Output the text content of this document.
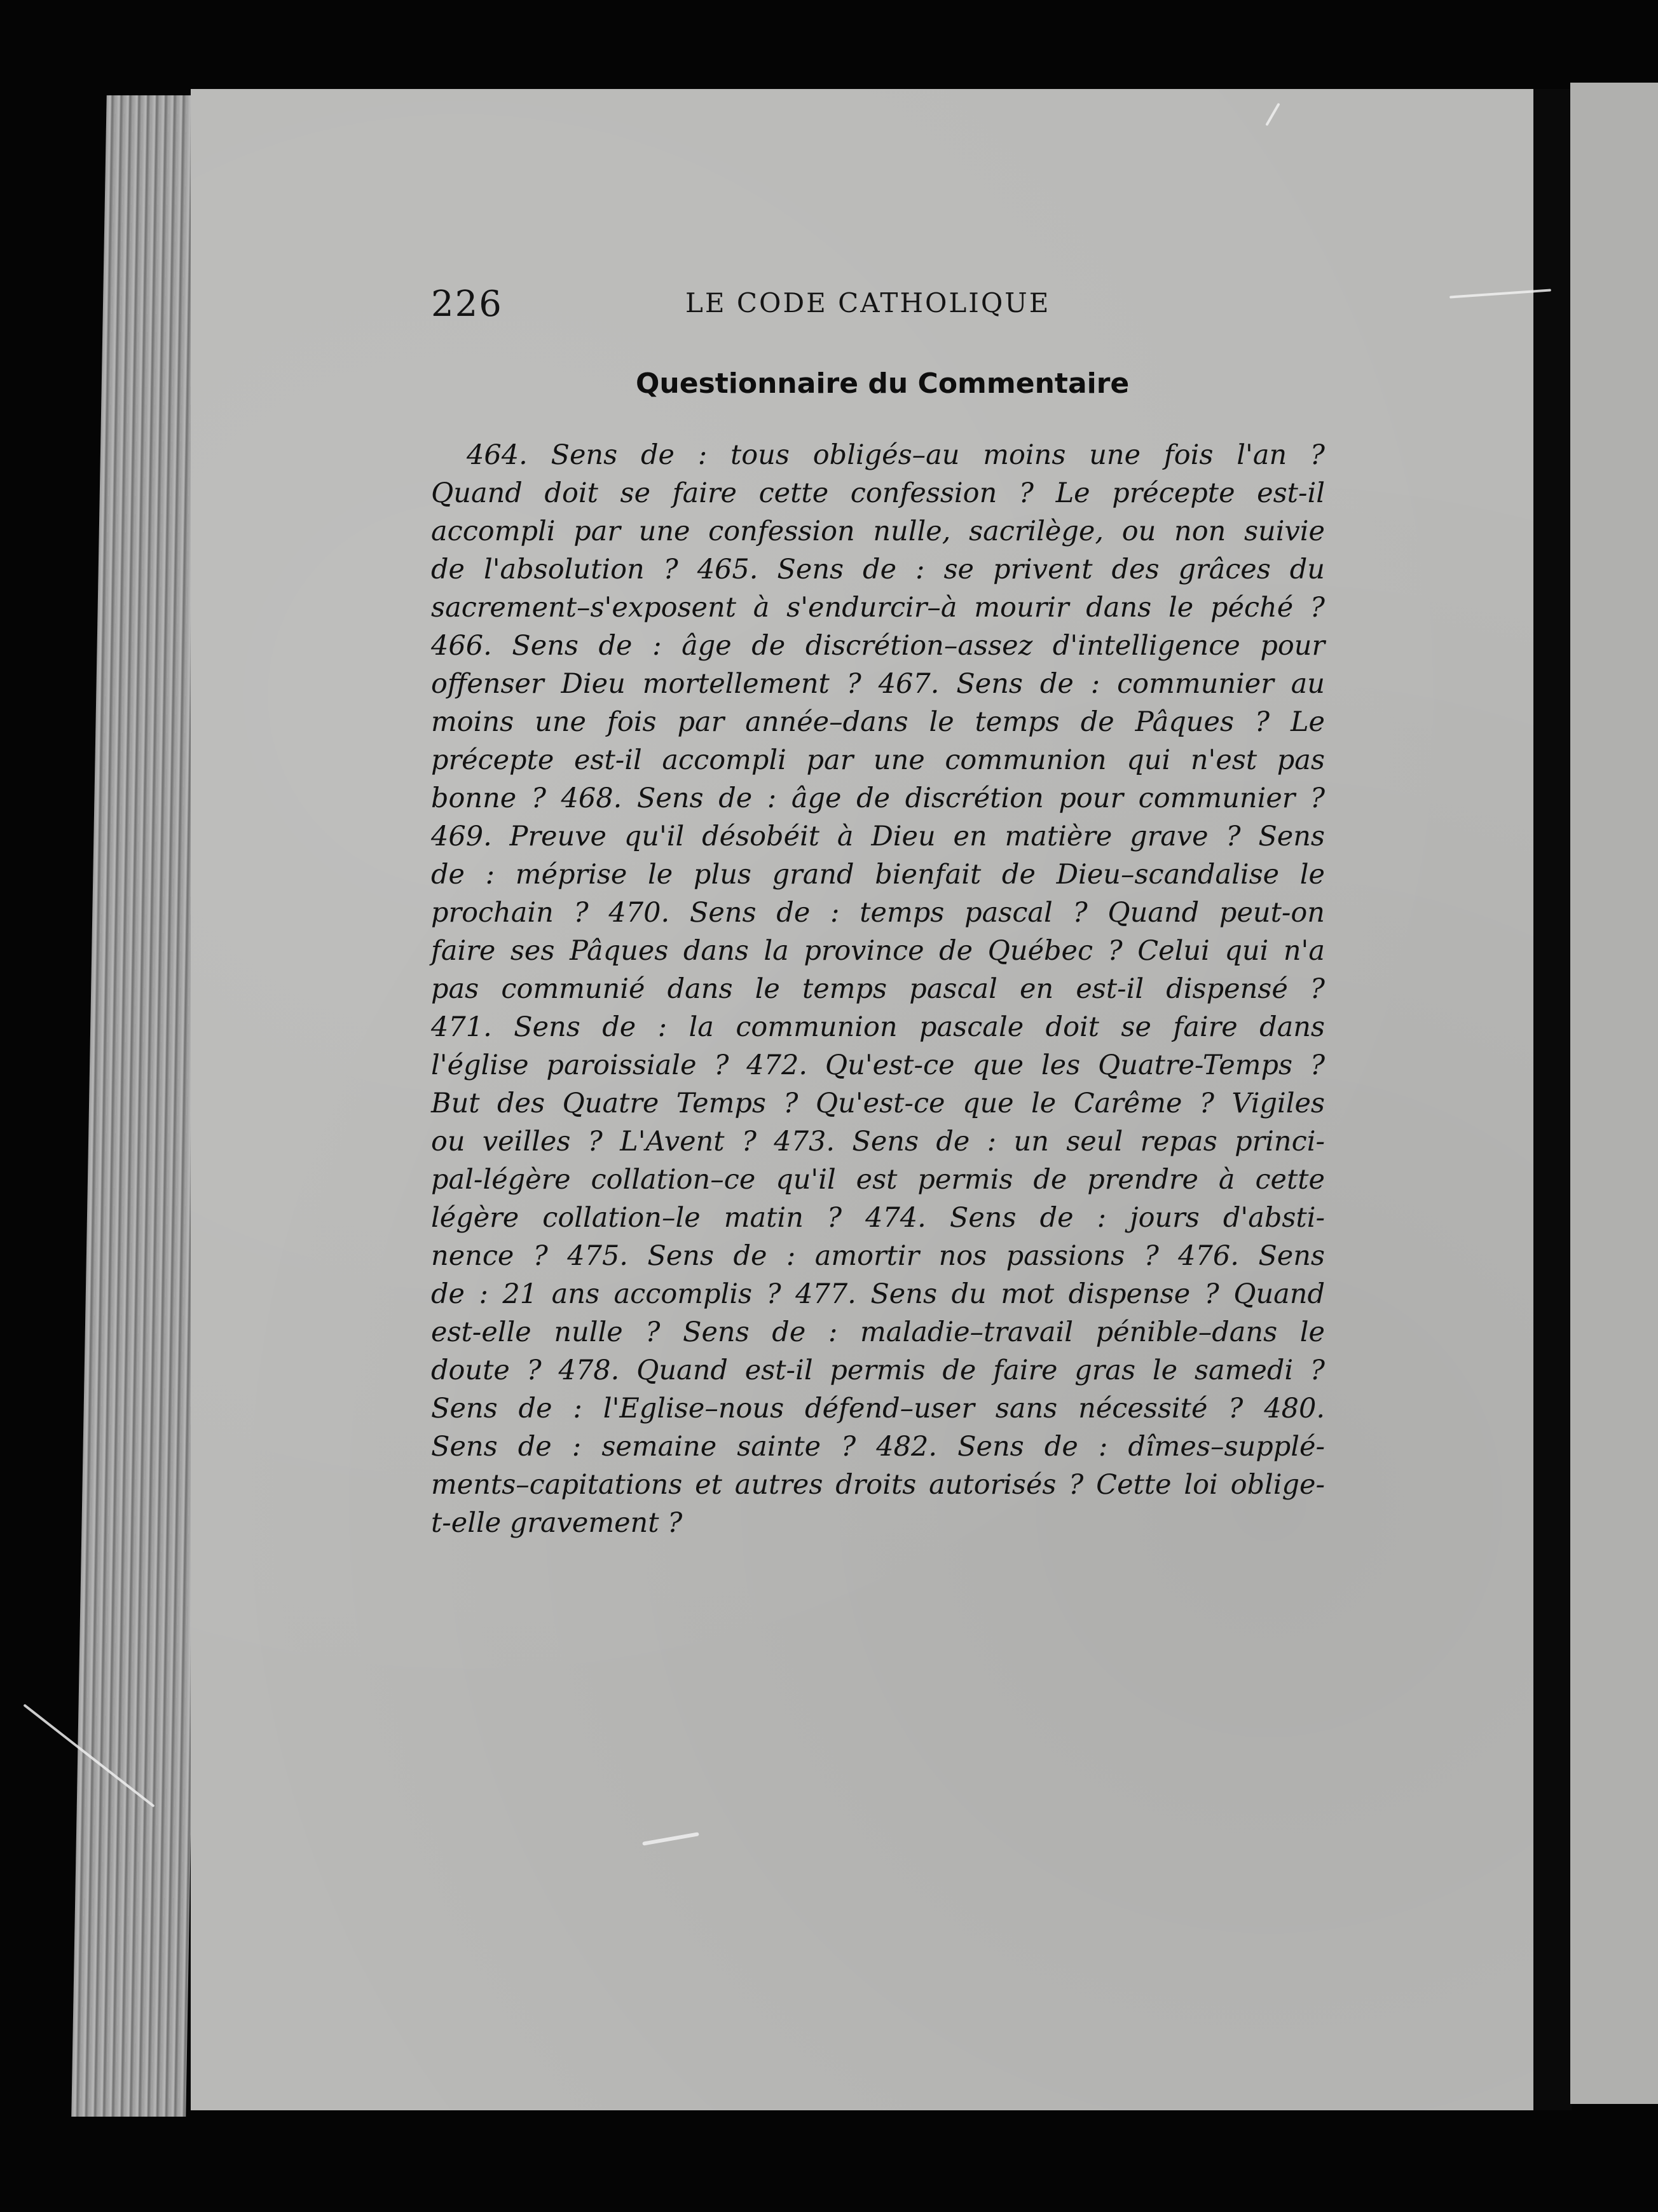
226	LE CODE CATHOLIQUE
Questionnaire du Commentaire
464. Sens de : tous obligés–au moins une fois l'an ?
Quand doit se faire cette confession ? Le précepte est-il
accompli par une confession nulle, sacrilège, ou non suivie
de l'absolution ? 465. Sens de : se privent des grâces du
sacrement–s'exposent à s'endurcir–à mourir dans le péché ?
466. Sens de : âge de discrétion–assez d'intelligence pour
offenser Dieu mortellement ? 467. Sens de : communier au
moins une fois par année–dans le temps de Pâques ? Le
précepte est-il accompli par une communion qui n'est pas
bonne ? 468. Sens de : âge de discrétion pour communier ?
469. Preuve qu'il désobéit à Dieu en matière grave ? Sens
de : méprise le plus grand bienfait de Dieu–scandalise le
prochain ? 470. Sens de : temps pascal ? Quand peut-on
faire ses Pâques dans la province de Québec ? Celui qui n'a
pas communié dans le temps pascal en est-il dispensé ?
471. Sens de : la communion pascale doit se faire dans
l'église paroissiale ? 472. Qu'est-ce que les Quatre-Temps ?
But des Quatre Temps ? Qu'est-ce que le Carême ? Vigiles
ou veilles ? L'Avent ? 473. Sens de : un seul repas princi-
pal-légère collation–ce qu'il est permis de prendre à cette
légère collation–le matin ? 474. Sens de : jours d'absti-
nence ? 475. Sens de : amortir nos passions ? 476. Sens
de : 21 ans accomplis ? 477. Sens du mot dispense ? Quand
est-elle nulle ? Sens de : maladie–travail pénible–dans le
doute ? 478. Quand est-il permis de faire gras le samedi ?
Sens de : l'Eglise–nous défend–user sans nécessité ? 480.
Sens de : semaine sainte ? 482. Sens de : dîmes–supplé-
ments–capitations et autres droits autorisés ? Cette loi oblige-
t-elle gravement ?
